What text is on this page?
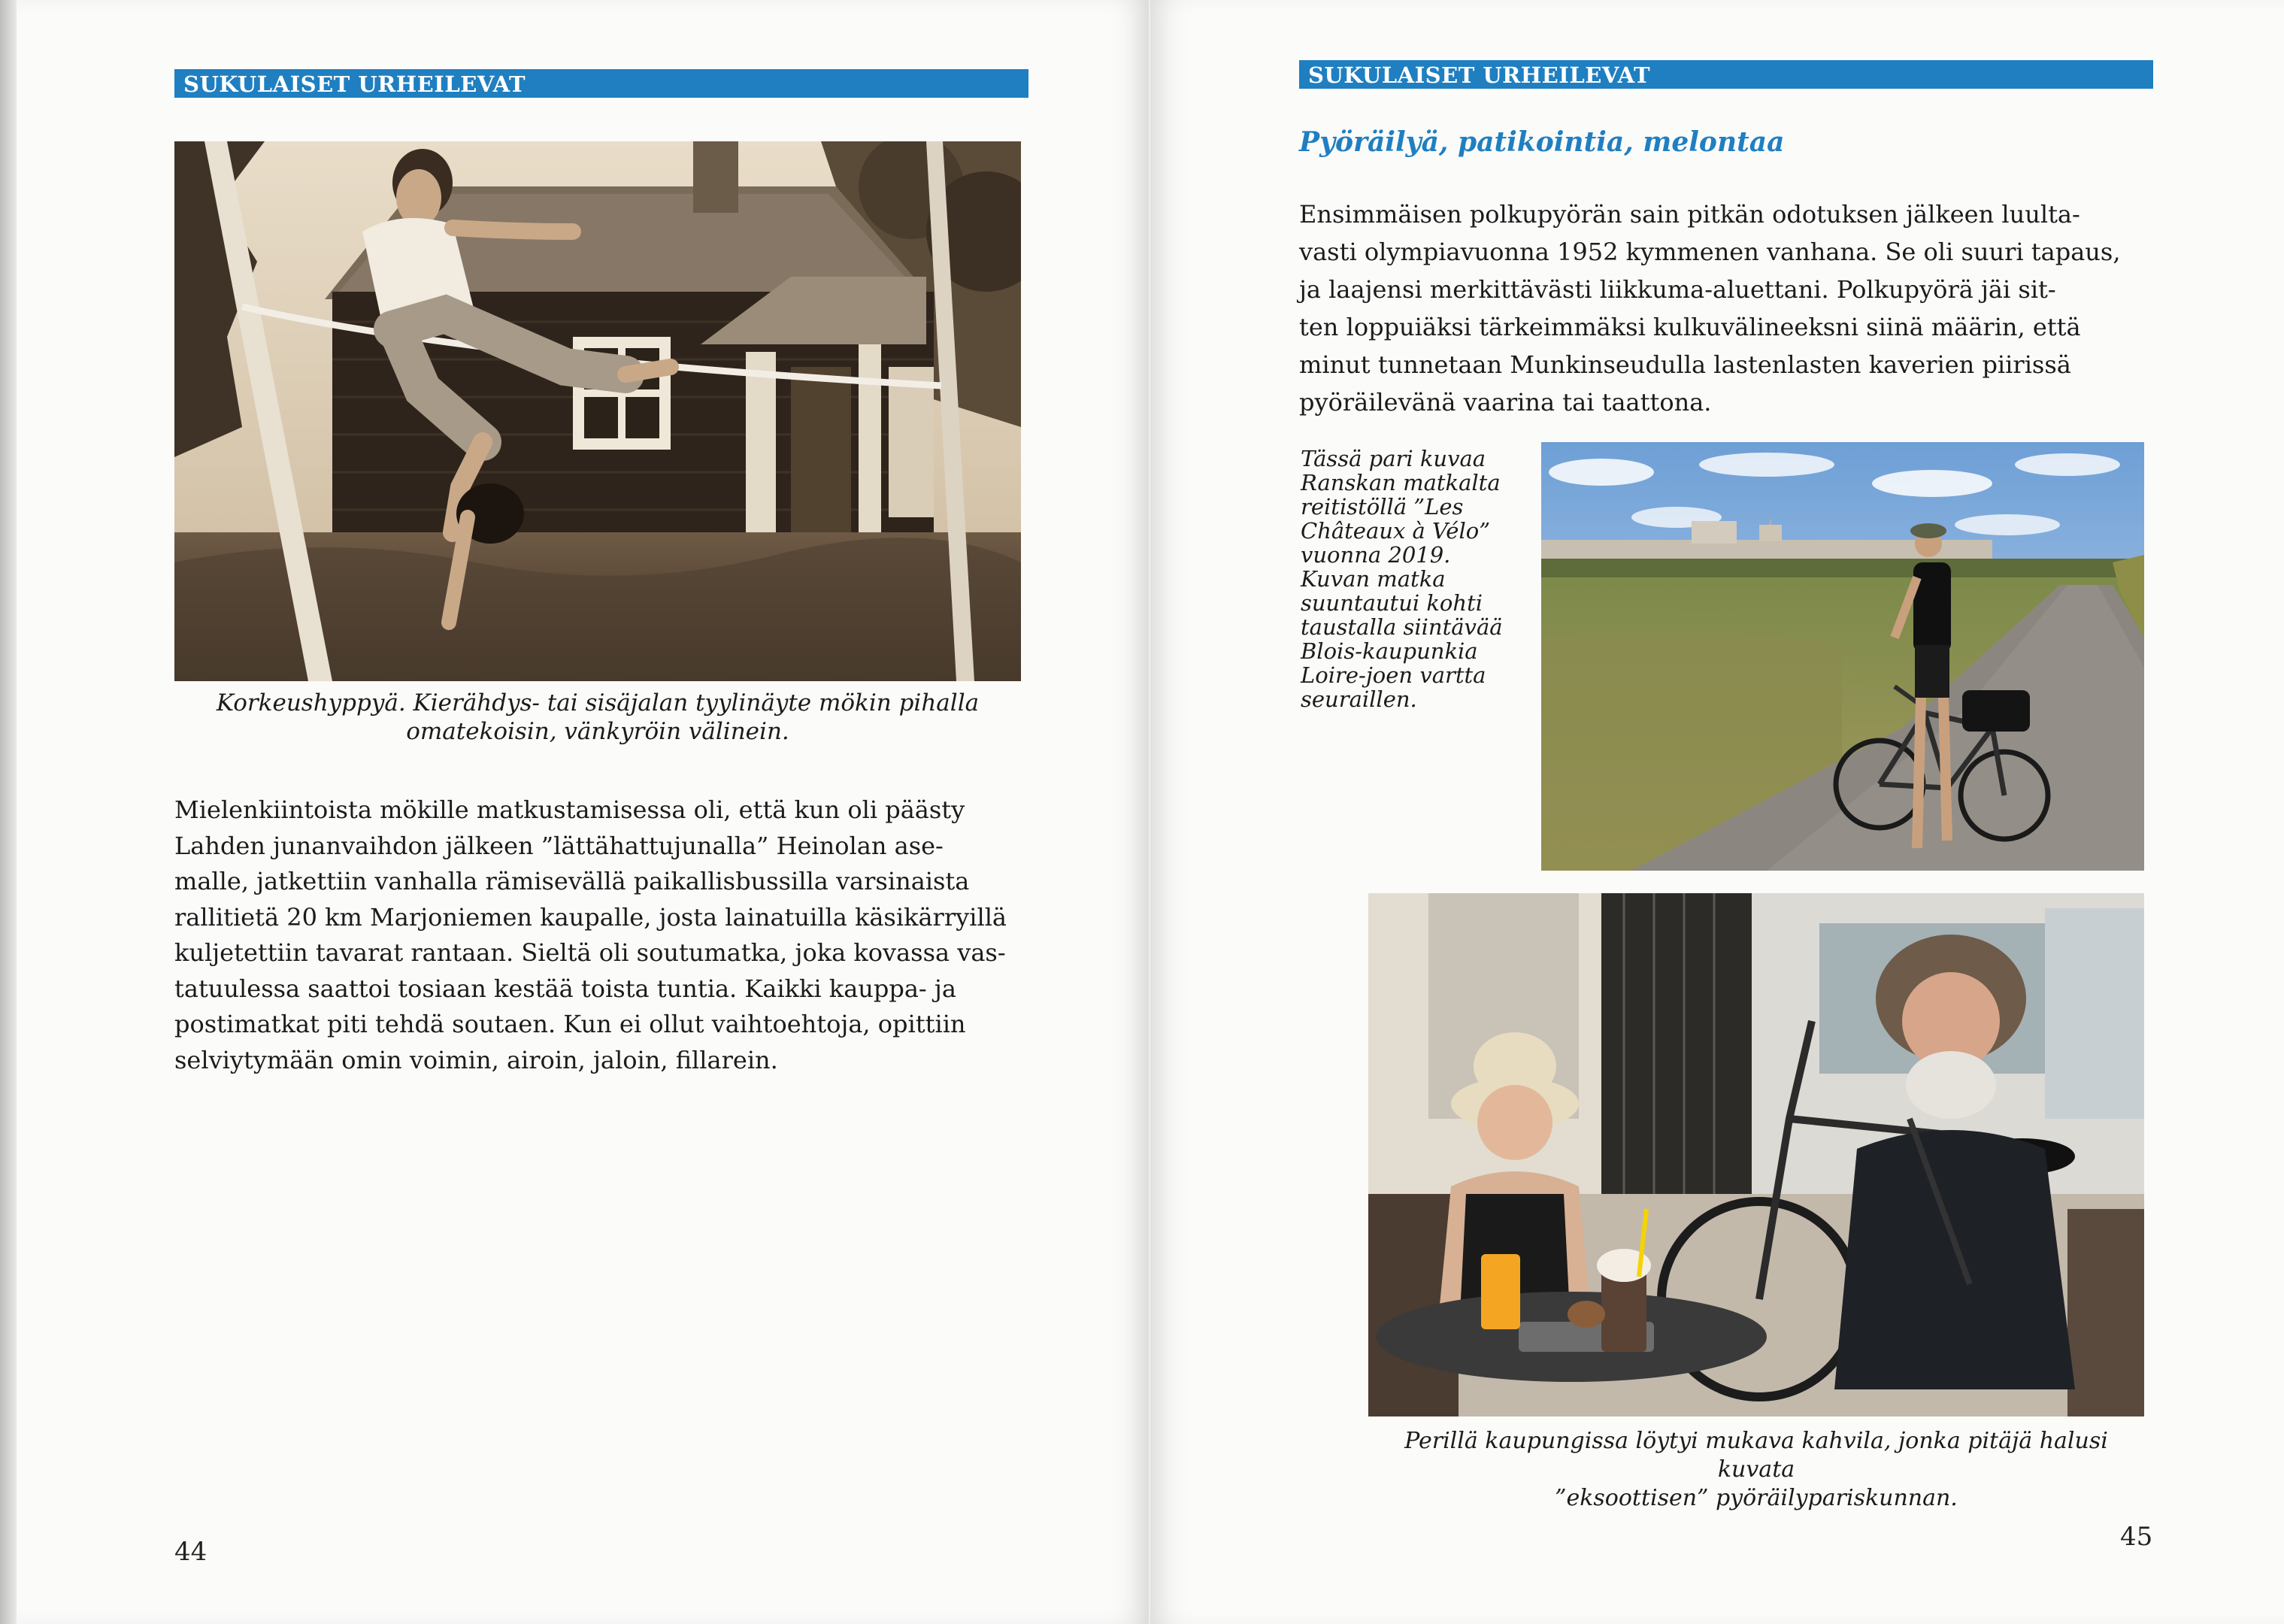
SUKULAISET URHEILEVAT
Korkeushyppyä. Kierähdys- tai sisäjalan tyylinäyte mökin pihalla
omatekoisin, vänkyröin välinein.
Mielenkiintoista mökille matkustamisessa oli, että kun oli päästy
Lahden junanvaihdon jälkeen ”lättähattujunalla” Heinolan ase-
malle, jatkettiin vanhalla rämisevällä paikallisbussilla varsinaista
rallitietä 20 km Marjoniemen kaupalle, josta lainatuilla käsikärryillä
kuljetettiin tavarat rantaan. Sieltä oli soutumatka, joka kovassa vas-
tatuulessa saattoi tosiaan kestää toista tuntia. Kaikki kauppa- ja
postimatkat piti tehdä soutaen. Kun ei ollut vaihtoehtoja, opittiin
selviytymään omin voimin, airoin, jaloin, fillarein.
44
SUKULAISET URHEILEVAT
Pyöräilyä, patikointia, melontaa
Ensimmäisen polkupyörän sain pitkän odotuksen jälkeen luulta-
vasti olympiavuonna 1952 kymmenen vanhana. Se oli suuri tapaus,
ja laajensi merkittävästi liikkuma-aluettani. Polkupyörä jäi sit-
ten loppuiäksi tärkeimmäksi kulkuvälineeksni siinä määrin, että
minut tunnetaan Munkinseudulla lastenlasten kaverien piirissä
pyöräilevänä vaarina tai taattona.
Tässä pari kuvaa
Ranskan matkalta
reitistöllä ”Les
Châteaux à Vélo”
vuonna 2019.
Kuvan matka
suuntautui kohti
taustalla siintävää
Blois-kaupunkia
Loire-joen vartta
seuraillen.
Perillä kaupungissa löytyi mukava kahvila, jonka pitäjä halusi kuvata
”eksoottisen” pyöräilypariskunnan.
45
